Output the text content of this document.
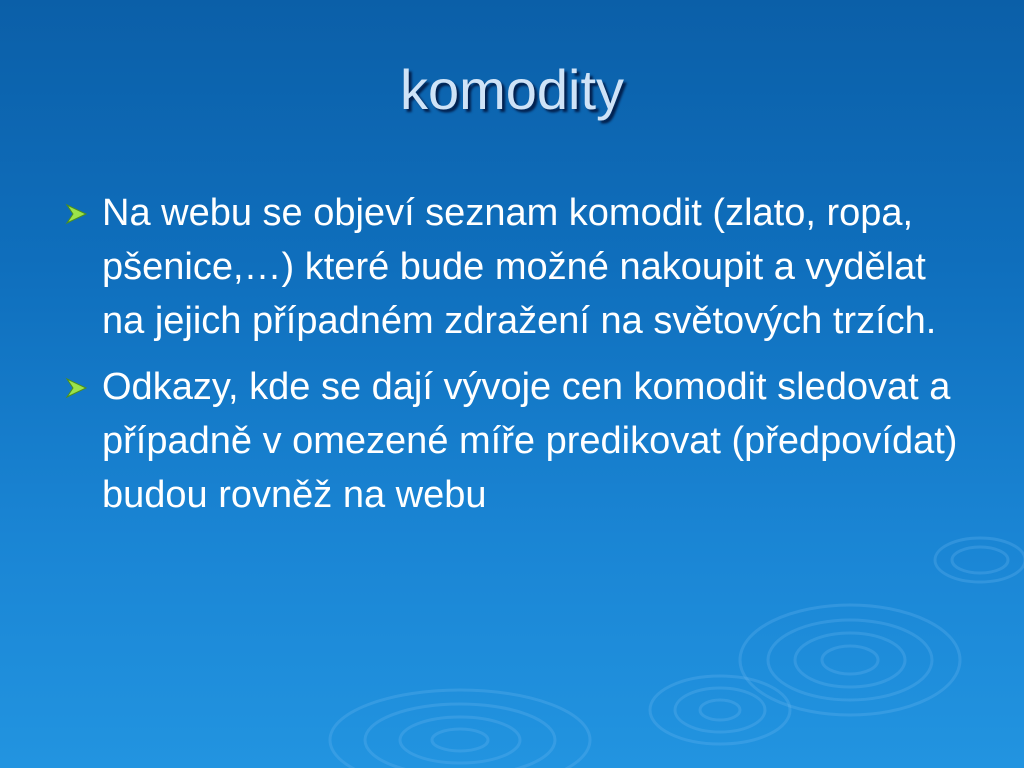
komodity
Na webu se objeví seznam komodit (zlato, ropa, pšenice,…) které bude možné nakoupit a vydělat na jejich případném zdražení na světových trzích.
Odkazy, kde se dají vývoje cen komodit sledovat a případně v omezené míře predikovat (předpovídat) budou rovněž na webu
